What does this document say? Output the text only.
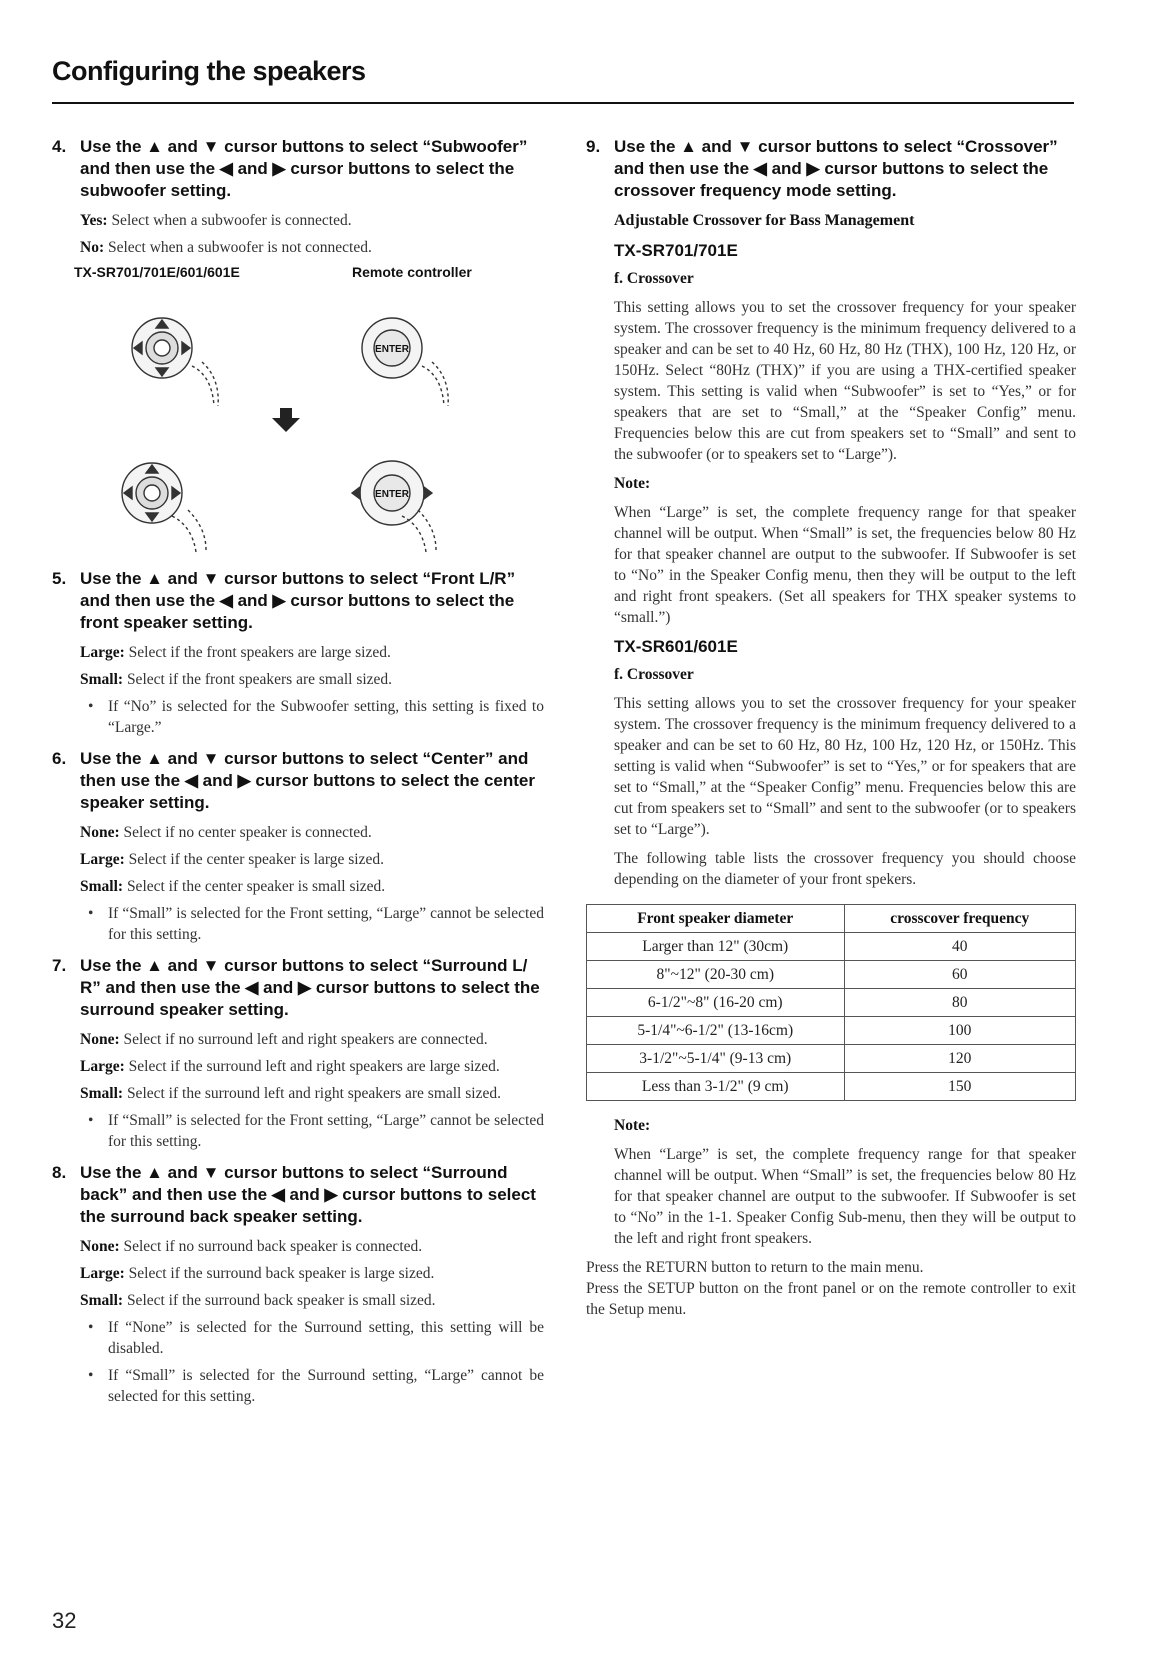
Configuring the speakers
4. Use the ▲ and ▼ cursor buttons to select “Subwoofer” and then use the ◀ and ▶ cursor buttons to select the subwoofer setting.

Yes: Select when a subwoofer is connected.

No: Select when a subwoofer is not connected.

TX-SR701/701E/601/601E	Remote controller
ENTER
ENTER
5. Use the ▲ and ▼ cursor buttons to select “Front L/R” and then use the ◀ and ▶ cursor buttons to select the front speaker setting.

Large: Select if the front speakers are large sized.

Small: Select if the front speakers are small sized.

• If “No” is selected for the Subwoofer setting, this setting is fixed to “Large.”

6. Use the ▲ and ▼ cursor buttons to select “Center” and then use the ◀ and ▶ cursor buttons to select the center speaker setting.

None: Select if no center speaker is connected.

Large: Select if the center speaker is large sized.

Small: Select if the center speaker is small sized.

• If “Small” is selected for the Front setting, “Large” cannot be selected for this setting.

7. Use the ▲ and ▼ cursor buttons to select “Surround L/ R” and then use the ◀ and ▶ cursor buttons to select the surround speaker setting.

None: Select if no surround left and right speakers are connected.

Large: Select if the surround left and right speakers are large sized.

Small: Select if the surround left and right speakers are small sized.

• If “Small” is selected for the Front setting, “Large” cannot be selected for this setting.

8. Use the ▲ and ▼ cursor buttons to select “Surround back” and then use the ◀ and ▶ cursor buttons to select the surround back speaker setting.

None: Select if no surround back speaker is connected.

Large: Select if the surround back speaker is large sized.

Small: Select if the surround back speaker is small sized.

• If “None” is selected for the Surround setting, this setting will be disabled.

• If “Small” is selected for the Surround setting, “Large” cannot be selected for this setting.

9. Use the ▲ and ▼ cursor buttons to select “Crossover” and then use the ◀ and ▶ cursor buttons to select the crossover frequency mode setting.
Adjustable Crossover for Bass Management
TX-SR701/701E

f. Crossover

This setting allows you to set the crossover frequency for your speaker system. The crossover frequency is the minimum frequency delivered to a speaker and can be set to 40 Hz, 60 Hz, 80 Hz (THX), 100 Hz, 120 Hz, or 150Hz. Select “80Hz (THX)” if you are using a THX-certified speaker system. This setting is valid when “Subwoofer” is set to “Yes,” or for speakers that are set to “Small,” at the “Speaker Config” menu. Frequencies below this are cut from speakers set to “Small” and sent to the subwoofer (or to speakers set to “Large”).

Note:

When “Large” is set, the complete frequency range for that speaker channel will be output. When “Small” is set, the frequencies below 80 Hz for that speaker channel are output to the subwoofer. If Subwoofer is set to “No” in the Speaker Config menu, then they will be output to the left and right front speakers. (Set all speakers for THX speaker systems to “small.”)

TX-SR601/601E

f. Crossover

This setting allows you to set the crossover frequency for your speaker system. The crossover frequency is the minimum frequency delivered to a speaker and can be set to 60 Hz, 80 Hz, 100 Hz, 120 Hz, or 150Hz. This setting is valid when “Subwoofer” is set to “Yes,” or for speakers that are set to “Small,” at the “Speaker Config” menu. Frequencies below this are cut from speakers set to “Small” and sent to the subwoofer (or to speakers set to “Large”).

The following table lists the crossover frequency you should choose depending on the diameter of your front spekers.

Front speaker diameter	crosscover frequency
Larger than 12" (30cm)	40
8"~12" (20-30 cm)	60
6-1/2"~8" (16-20 cm)	80
5-1/4"~6-1/2" (13-16cm)	100
3-1/2"~5-1/4" (9-13 cm)	120
Less than 3-1/2" (9 cm)	150

Note:

When “Large” is set, the complete frequency range for that speaker channel will be output. When “Small” is set, the frequencies below 80 Hz for that speaker channel are output to the subwoofer. If Subwoofer is set to “No” in the 1-1. Speaker Config Sub-menu, then they will be output to the left and right front speakers.

Press the RETURN button to return to the main menu.

Press the SETUP button on the front panel or on the remote controller to exit the Setup menu.

32
